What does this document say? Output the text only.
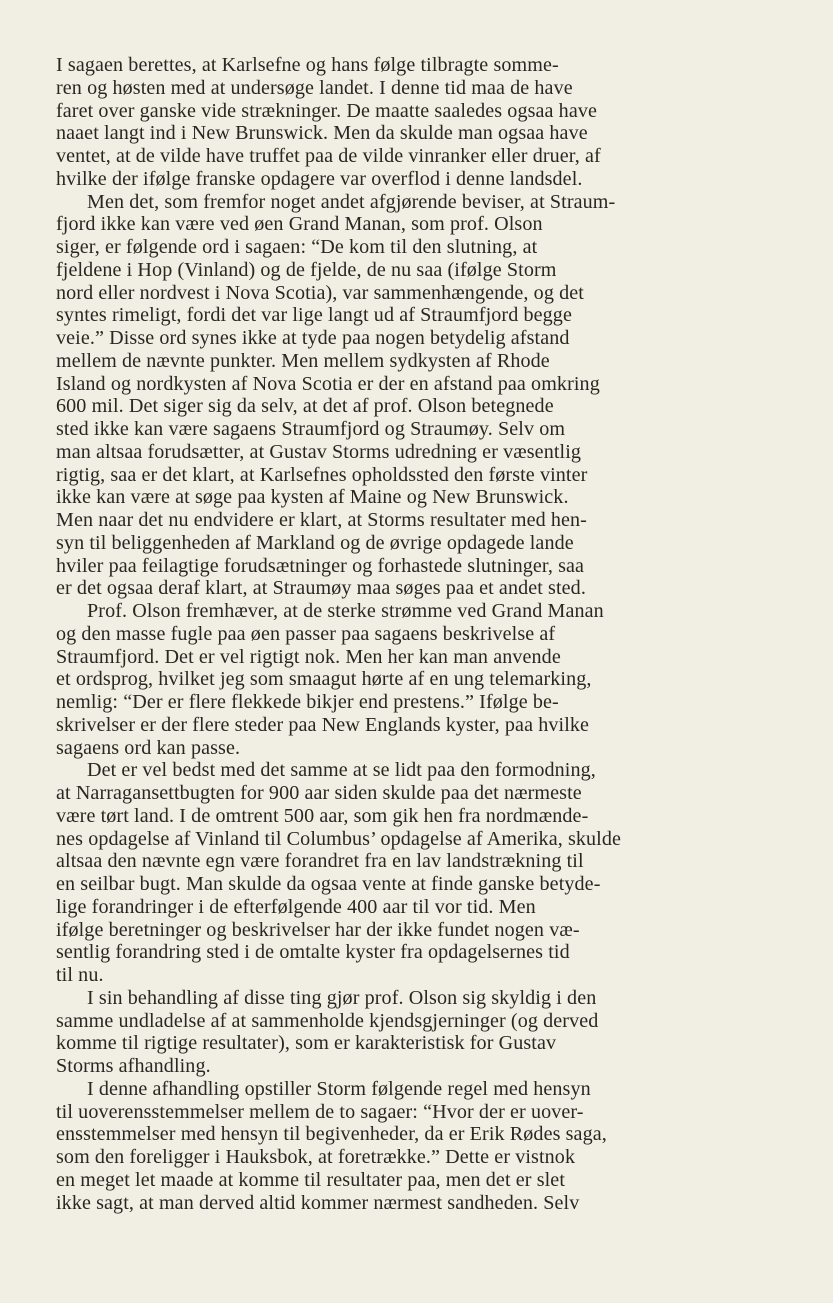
I sagaen berettes, at Karlsefne og hans følge tilbragte somme-
ren og høsten med at undersøge landet. I denne tid maa de have
faret over ganske vide strækninger. De maatte saaledes ogsaa have
naaet langt ind i New Brunswick. Men da skulde man ogsaa have
ventet, at de vilde have truffet paa de vilde vinranker eller druer, af
hvilke der ifølge franske opdagere var overflod i denne landsdel.
Men det, som fremfor noget andet afgjørende beviser, at Straum-
fjord ikke kan være ved øen Grand Manan, som prof. Olson
siger, er følgende ord i sagaen: “De kom til den slutning, at
fjeldene i Hop (Vinland) og de fjelde, de nu saa (ifølge Storm
nord eller nordvest i Nova Scotia), var sammenhængende, og det
syntes rimeligt, fordi det var lige langt ud af Straumfjord begge
veie.” Disse ord synes ikke at tyde paa nogen betydelig afstand
mellem de nævnte punkter. Men mellem sydkysten af Rhode
Island og nordkysten af Nova Scotia er der en afstand paa omkring
600 mil. Det siger sig da selv, at det af prof. Olson betegnede
sted ikke kan være sagaens Straumfjord og Straumøy. Selv om
man altsaa forudsætter, at Gustav Storms udredning er væsentlig
rigtig, saa er det klart, at Karlsefnes opholdssted den første vinter
ikke kan være at søge paa kysten af Maine og New Brunswick.
Men naar det nu endvidere er klart, at Storms resultater med hen-
syn til beliggenheden af Markland og de øvrige opdagede lande
hviler paa feilagtige forudsætninger og forhastede slutninger, saa
er det ogsaa deraf klart, at Straumøy maa søges paa et andet sted.
Prof. Olson fremhæver, at de sterke strømme ved Grand Manan
og den masse fugle paa øen passer paa sagaens beskrivelse af
Straumfjord. Det er vel rigtigt nok. Men her kan man anvende
et ordsprog, hvilket jeg som smaagut hørte af en ung telemarking,
nemlig: “Der er flere flekkede bikjer end prestens.” Ifølge be-
skrivelser er der flere steder paa New Englands kyster, paa hvilke
sagaens ord kan passe.
Det er vel bedst med det samme at se lidt paa den formodning,
at Narragansettbugten for 900 aar siden skulde paa det nærmeste
være tørt land. I de omtrent 500 aar, som gik hen fra nordmænde-
nes opdagelse af Vinland til Columbus’ opdagelse af Amerika, skulde
altsaa den nævnte egn være forandret fra en lav landstrækning til
en seilbar bugt. Man skulde da ogsaa vente at finde ganske betyde-
lige forandringer i de efterfølgende 400 aar til vor tid. Men
ifølge beretninger og beskrivelser har der ikke fundet nogen væ-
sentlig forandring sted i de omtalte kyster fra opdagelsernes tid
til nu.
I sin behandling af disse ting gjør prof. Olson sig skyldig i den
samme undladelse af at sammenholde kjendsgjerninger (og derved
komme til rigtige resultater), som er karakteristisk for Gustav
Storms afhandling.
I denne afhandling opstiller Storm følgende regel med hensyn
til uoverensstemmelser mellem de to sagaer: “Hvor der er uover-
ensstemmelser med hensyn til begivenheder, da er Erik Rødes saga,
som den foreligger i Hauksbok, at foretrække.” Dette er vistnok
en meget let maade at komme til resultater paa, men det er slet
ikke sagt, at man derved altid kommer nærmest sandheden. Selv
